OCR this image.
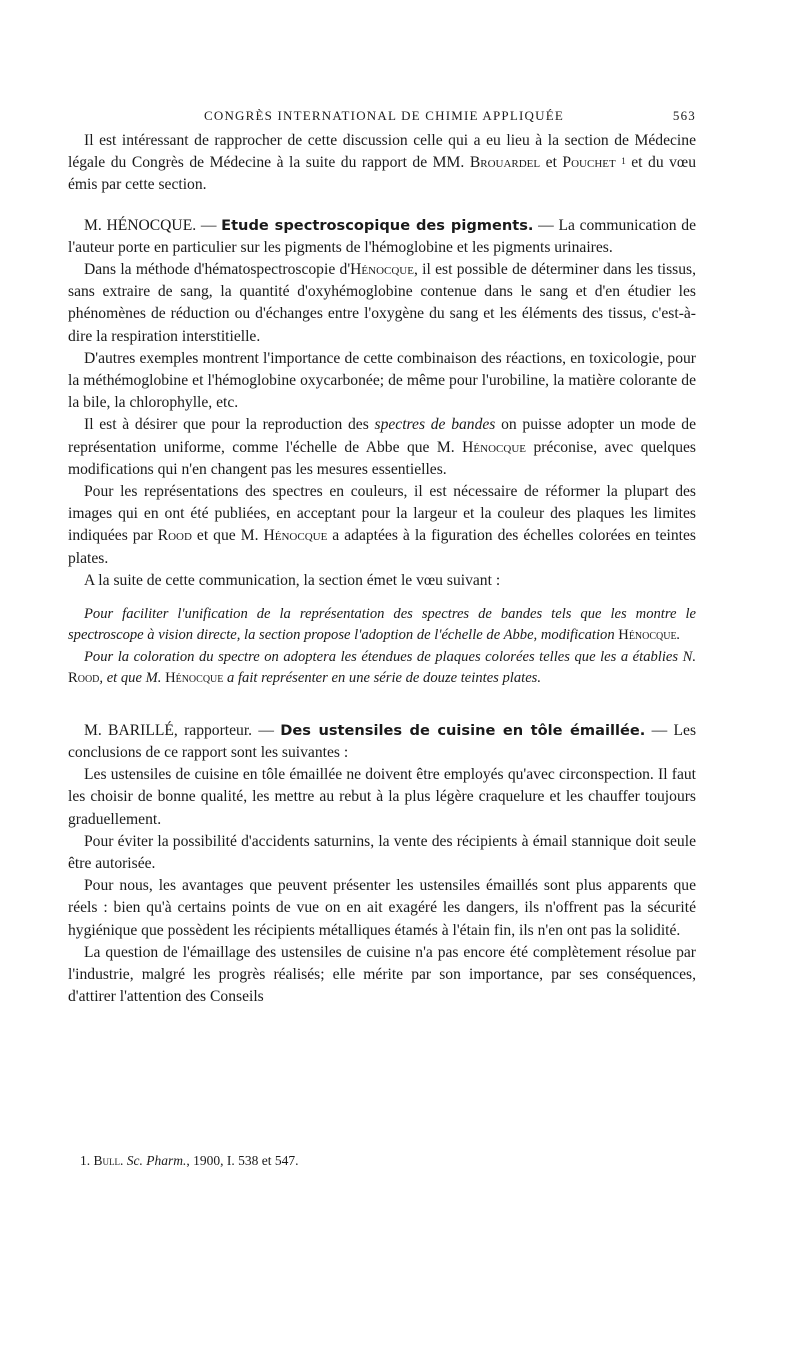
CONGRÈS INTERNATIONAL DE CHIMIE APPLIQUÉE	563

Il est intéressant de rapprocher de cette discussion celle qui a eu lieu à la section de Médecine légale du Congrès de Médecine à la suite du rapport de MM. Brouardel et Pouchet $^1$ et du vœu émis par cette section.

M. HÉNOCQUE. — Etude spectroscopique des pigments. — La communication de l'auteur porte en particulier sur les pigments de l'hémoglobine et les pigments urinaires.

Dans la méthode d'hématospectroscopie d'Hénocque, il est possible de déterminer dans les tissus, sans extraire de sang, la quantité d'oxyhémoglobine contenue dans le sang et d'en étudier les phénomènes de réduction ou d'échanges entre l'oxygène du sang et les éléments des tissus, c'est-à-dire la respiration interstitielle.

D'autres exemples montrent l'importance de cette combinaison des réactions, en toxicologie, pour la méthémoglobine et l'hémoglobine oxycarbonée; de même pour l'urobiline, la matière colorante de la bile, la chlorophylle, etc.

Il est à désirer que pour la reproduction des spectres de bandes on puisse adopter un mode de représentation uniforme, comme l'échelle de Abbe que M. Hénocque préconise, avec quelques modifications qui n'en changent pas les mesures essentielles.

Pour les représentations des spectres en couleurs, il est nécessaire de réformer la plupart des images qui en ont été publiées, en acceptant pour la largeur et la couleur des plaques les limites indiquées par Rood et que M. Hénocque a adaptées à la figuration des échelles colorées en teintes plates.

A la suite de cette communication, la section émet le vœu suivant :

Pour faciliter l'unification de la représentation des spectres de bandes tels que les montre le spectroscope à vision directe, la section propose l'adoption de l'échelle de Abbe, modification Hénocque.

Pour la coloration du spectre on adoptera les étendues de plaques colorées telles que les a établies N. Rood, et que M. Hénocque a fait représenter en une série de douze teintes plates.

M. BARILLÉ, rapporteur. — Des ustensiles de cuisine en tôle émaillée. — Les conclusions de ce rapport sont les suivantes :

Les ustensiles de cuisine en tôle émaillée ne doivent être employés qu'avec circonspection. Il faut les choisir de bonne qualité, les mettre au rebut à la plus légère craquelure et les chauffer toujours graduellement.

Pour éviter la possibilité d'accidents saturnins, la vente des récipients à émail stannique doit seule être autorisée.

Pour nous, les avantages que peuvent présenter les ustensiles émaillés sont plus apparents que réels : bien qu'à certains points de vue on en ait exagéré les dangers, ils n'offrent pas la sécurité hygiénique que possèdent les récipients métalliques étamés à l'étain fin, ils n'en ont pas la solidité.

La question de l'émaillage des ustensiles de cuisine n'a pas encore été complètement résolue par l'industrie, malgré les progrès réalisés; elle mérite par son importance, par ses conséquences, d'attirer l'attention des Conseils

1. Bull. Sc. Pharm., 1900, I. 538 et 547.
